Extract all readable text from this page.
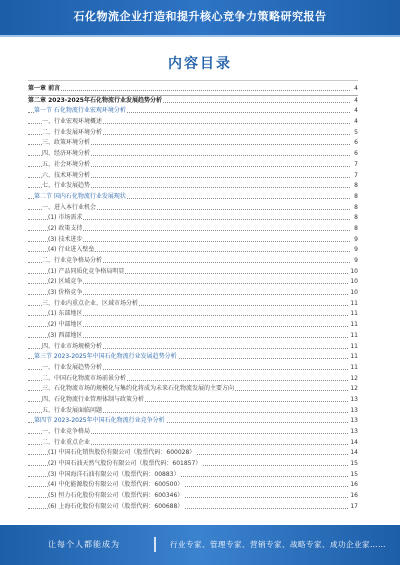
石化物流企业打造和提升核心竞争力策略研究报告
内容目录
第一章 前言	4
第二章 2023-2025年石化物流行业发展趋势分析	4
第一节 石化物流行业宏观环境分析	4
一、行业宏观环境概述	4
二、行业发展环境分析	5
三、政策环境分析	6
四、经济环境分析	6
五、社会环境分析	7
六、技术环境分析	7
七、行业发展趋势	8
第二节 国内石化物流行业发展现状	8
一、进入本行业机会	8
(1) 市场需求	8
(2) 政策支持	8
(3) 技术进步	9
(4) 行业进入壁垒	9
二、行业竞争格局分析	9
(1) 产品同质化竞争格局明显	10
(2) 区域竞争	10
(3) 价格竞争	10
三、行业内重点企业、区域市场分析	11
(1) 东部地区	11
(2) 中部地区	11
(3) 西部地区	11
四、行业市场规模分析	11
第三节 2023-2025年中国石化物流行业发展趋势分析	11
一、行业发展趋势分析	11
二、中国石化物流市场前景分析	12
三、石化物流市场的规模化与集约化将成为未来石化物流发展的主要方向	12
四、石化物流行业管理体制与政策分析	13
五、行业发展面临问题	13
第四节 2023-2025年中国石化物流行业竞争分析	13
一、行业竞争格局	13
二、行业重点企业	14
(1) 中国石化销售股份有限公司（股票代码：600028）	14
(2) 中国石油天然气股份有限公司（股票代码：601857）	15
(3) 中国海洋石油有限公司（股票代码：00883）	15
(4) 中化能源股份有限公司（股票代码：600500）	16
(5) 恒力石化股份有限公司（股票代码：600346）	16
(6) 上海石化股份有限公司（股票代码：600688）	17
让每个人都能成为	行业专家、管理专家、营销专家、战略专家、成功企业家……
